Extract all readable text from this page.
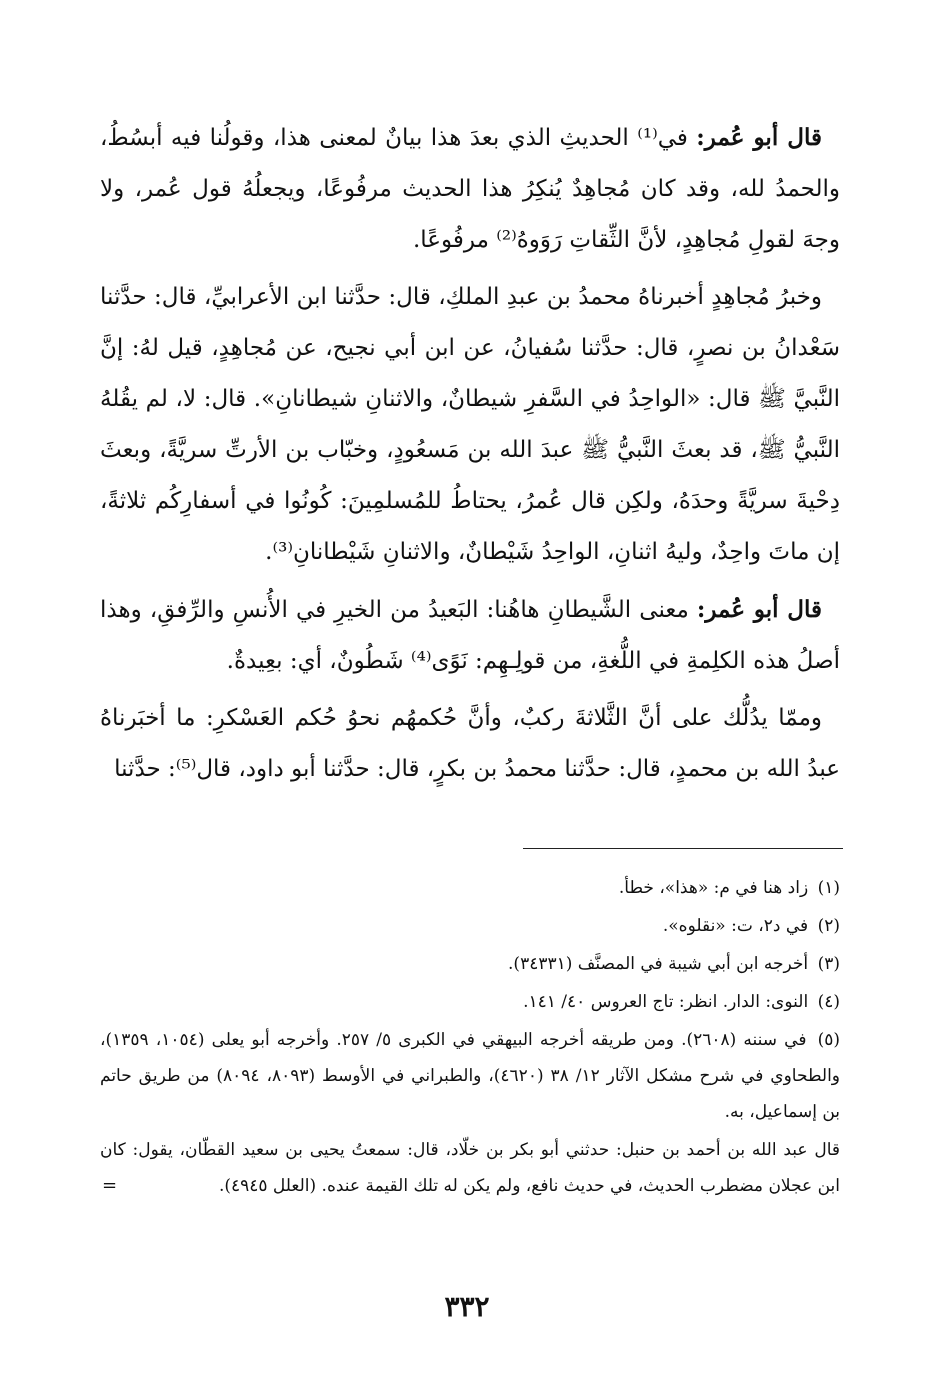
قال أبو عُمر: في⁽¹⁾ الحديثِ الذي بعدَ هذا بيانٌ لمعنى هذا، وقولُنا فيه أبسُطُ، والحمدُ لله، وقد كان مُجاهِدٌ يُنكِرُ هذا الحديث مرفُوعًا، ويجعلُهُ قول عُمر، ولا وجهَ لقولِ مُجاهِدٍ، لأنَّ الثِّقاتِ رَوَوهُ⁽²⁾ مرفُوعًا.

وخبرُ مُجاهِدٍ أخبرناهُ محمدُ بن عبدِ الملكِ، قال: حدَّثنا ابن الأعرابيِّ، قال: حدَّثنا سَعْدانُ بن نصرٍ، قال: حدَّثنا سُفيانُ، عن ابن أبي نجيح، عن مُجاهِدٍ، قيل لهُ: إنَّ النَّبيَّ ﷺ قال: «الواحِدُ في السَّفرِ شيطانٌ، والاثنانِ شيطانانِ». قال: لا، لم يقُلهُ النَّبيُّ ﷺ، قد بعثَ النَّبيُّ ﷺ عبدَ الله بن مَسعُودٍ، وخبّاب بن الأرتِّ سريَّةً، وبعثَ دِحْيةَ سريَّةً وحدَهُ، ولكِن قال عُمرُ، يحتاطُ للمُسلمِينَ: كُونُوا في أسفارِكُم ثلاثةً، إن ماتَ واحِدٌ، وليهُ اثنانِ، الواحِدُ شَيْطانٌ، والاثنانِ شَيْطانانِ⁽³⁾.

قال أبو عُمر: معنى الشَّيطانِ هاهُنا: البَعيدُ من الخيرِ في الأُنسِ والرِّفقِ، وهذا أصلُ هذه الكلِمةِ في اللُّغةِ، من قولِـهِم: نَوًى⁽⁴⁾ شَطُونٌ، أي: بعِيدةٌ.

وممّا يدُلُّك على أنَّ الثَّلاثةَ ركبٌ، وأنَّ حُكمهُم نحوُ حُكم العَسْكرِ: ما أخبَرناهُ عبدُ الله بن محمدٍ، قال: حدَّثنا محمدُ بن بكرٍ، قال: حدَّثنا أبو داود، قال⁽⁵⁾: حدَّثنا

(١) زاد هنا في م: «هذا»، خطأ.

(٢) في د٢، ت: «نقلوه».

(٣) أخرجه ابن أبي شيبة في المصنَّف (٣٤٣٣١).

(٤) النوى: الدار. انظر: تاج العروس ٤٠/ ١٤١.

(٥) في سننه (٢٦٠٨). ومن طريقه أخرجه البيهقي في الكبرى ٥/ ٢٥٧. وأخرجه أبو يعلى (١٠٥٤، ١٣٥٩)، والطحاوي في شرح مشكل الآثار ١٢/ ٣٨ (٤٦٢٠)، والطبراني في الأوسط (٨٠٩٣، ٨٠٩٤) من طريق حاتم بن إسماعيل، به.

قال عبد الله بن أحمد بن حنبل: حدثني أبو بكر بن خلّاد، قال: سمعتُ يحيى بن سعيد القطّان، يقول: كان ابن عجلان مضطرب الحديث، في حديث نافع، ولم يكن له تلك القيمة عنده. (العلل ٤٩٤٥).
=

٣٣٢
